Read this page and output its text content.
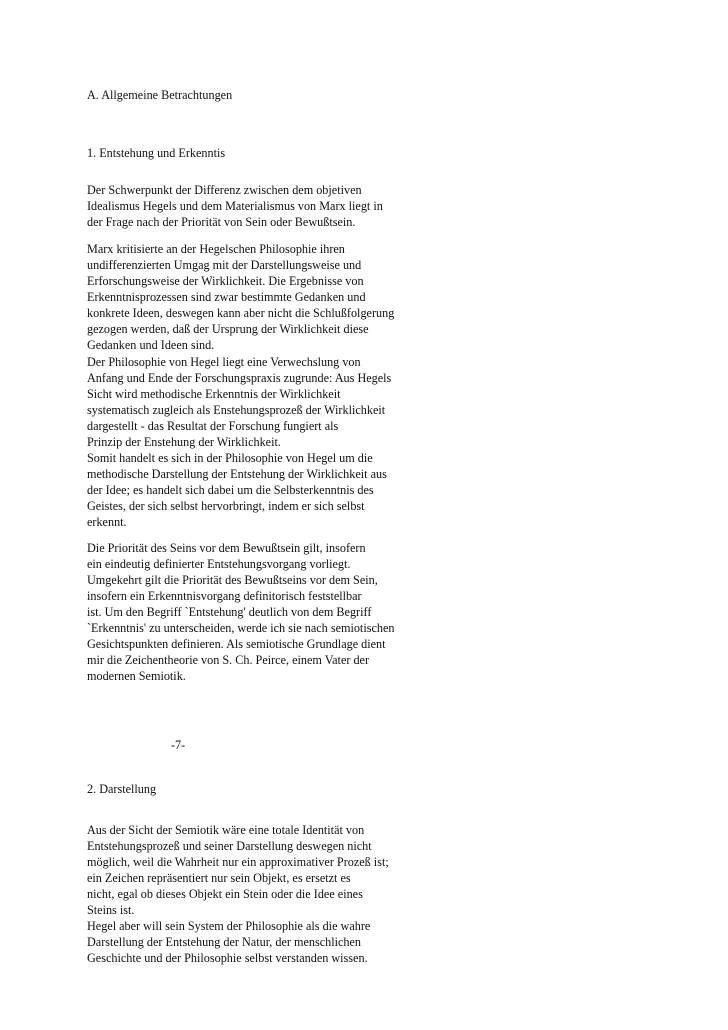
A. Allgemeine Betrachtungen
1. Entstehung und Erkenntis
Der Schwerpunkt der Differenz zwischen dem objetiven
Idealismus Hegels und dem Materialismus von Marx liegt in
der Frage nach der Priorität von Sein oder Bewußtsein.
Marx kritisierte an der Hegelschen Philosophie ihren
undifferenzierten Umgag mit der Darstellungsweise und
Erforschungsweise der Wirklichkeit. Die Ergebnisse von
Erkenntnisprozessen sind zwar bestimmte Gedanken und
konkrete Ideen, deswegen kann aber nicht die Schlußfolgerung
gezogen werden, daß der Ursprung der Wirklichkeit diese
Gedanken und Ideen sind.
Der Philosophie von Hegel liegt eine Verwechslung von
Anfang und Ende der Forschungspraxis zugrunde: Aus Hegels
Sicht wird methodische Erkenntnis der Wirklichkeit
systematisch zugleich als Enstehungsprozeß der Wirklichkeit
dargestellt - das Resultat der Forschung fungiert als
Prinzip der Enstehung der Wirklichkeit.
Somit handelt es sich in der Philosophie von Hegel um die
methodische Darstellung der Entstehung der Wirklichkeit aus
der Idee; es handelt sich dabei um die Selbsterkenntnis des
Geistes, der sich selbst hervorbringt, indem er sich selbst
erkennt.
Die Priorität des Seins vor dem Bewußtsein gilt, insofern
ein eindeutig definierter Entstehungsvorgang vorliegt.
Umgekehrt gilt die Priorität des Bewußtseins vor dem Sein,
insofern ein Erkenntnisvorgang definitorisch feststellbar
ist. Um den Begriff `Entstehung' deutlich von dem Begriff
`Erkenntnis' zu unterscheiden, werde ich sie nach semiotischen
Gesichtspunkten definieren. Als semiotische Grundlage dient
mir die Zeichentheorie von S. Ch. Peirce, einem Vater der
modernen Semiotik.
-7-
2. Darstellung
Aus der Sicht der Semiotik wäre eine totale Identität von
Entstehungsprozeß und seiner Darstellung deswegen nicht
möglich, weil die Wahrheit nur ein approximativer Prozeß ist;
ein Zeichen repräsentiert nur sein Objekt, es ersetzt es
nicht, egal ob dieses Objekt ein Stein oder die Idee eines
Steins ist.
Hegel aber will sein System der Philosophie als die wahre
Darstellung der Entstehung der Natur, der menschlichen
Geschichte und der Philosophie selbst verstanden wissen.
